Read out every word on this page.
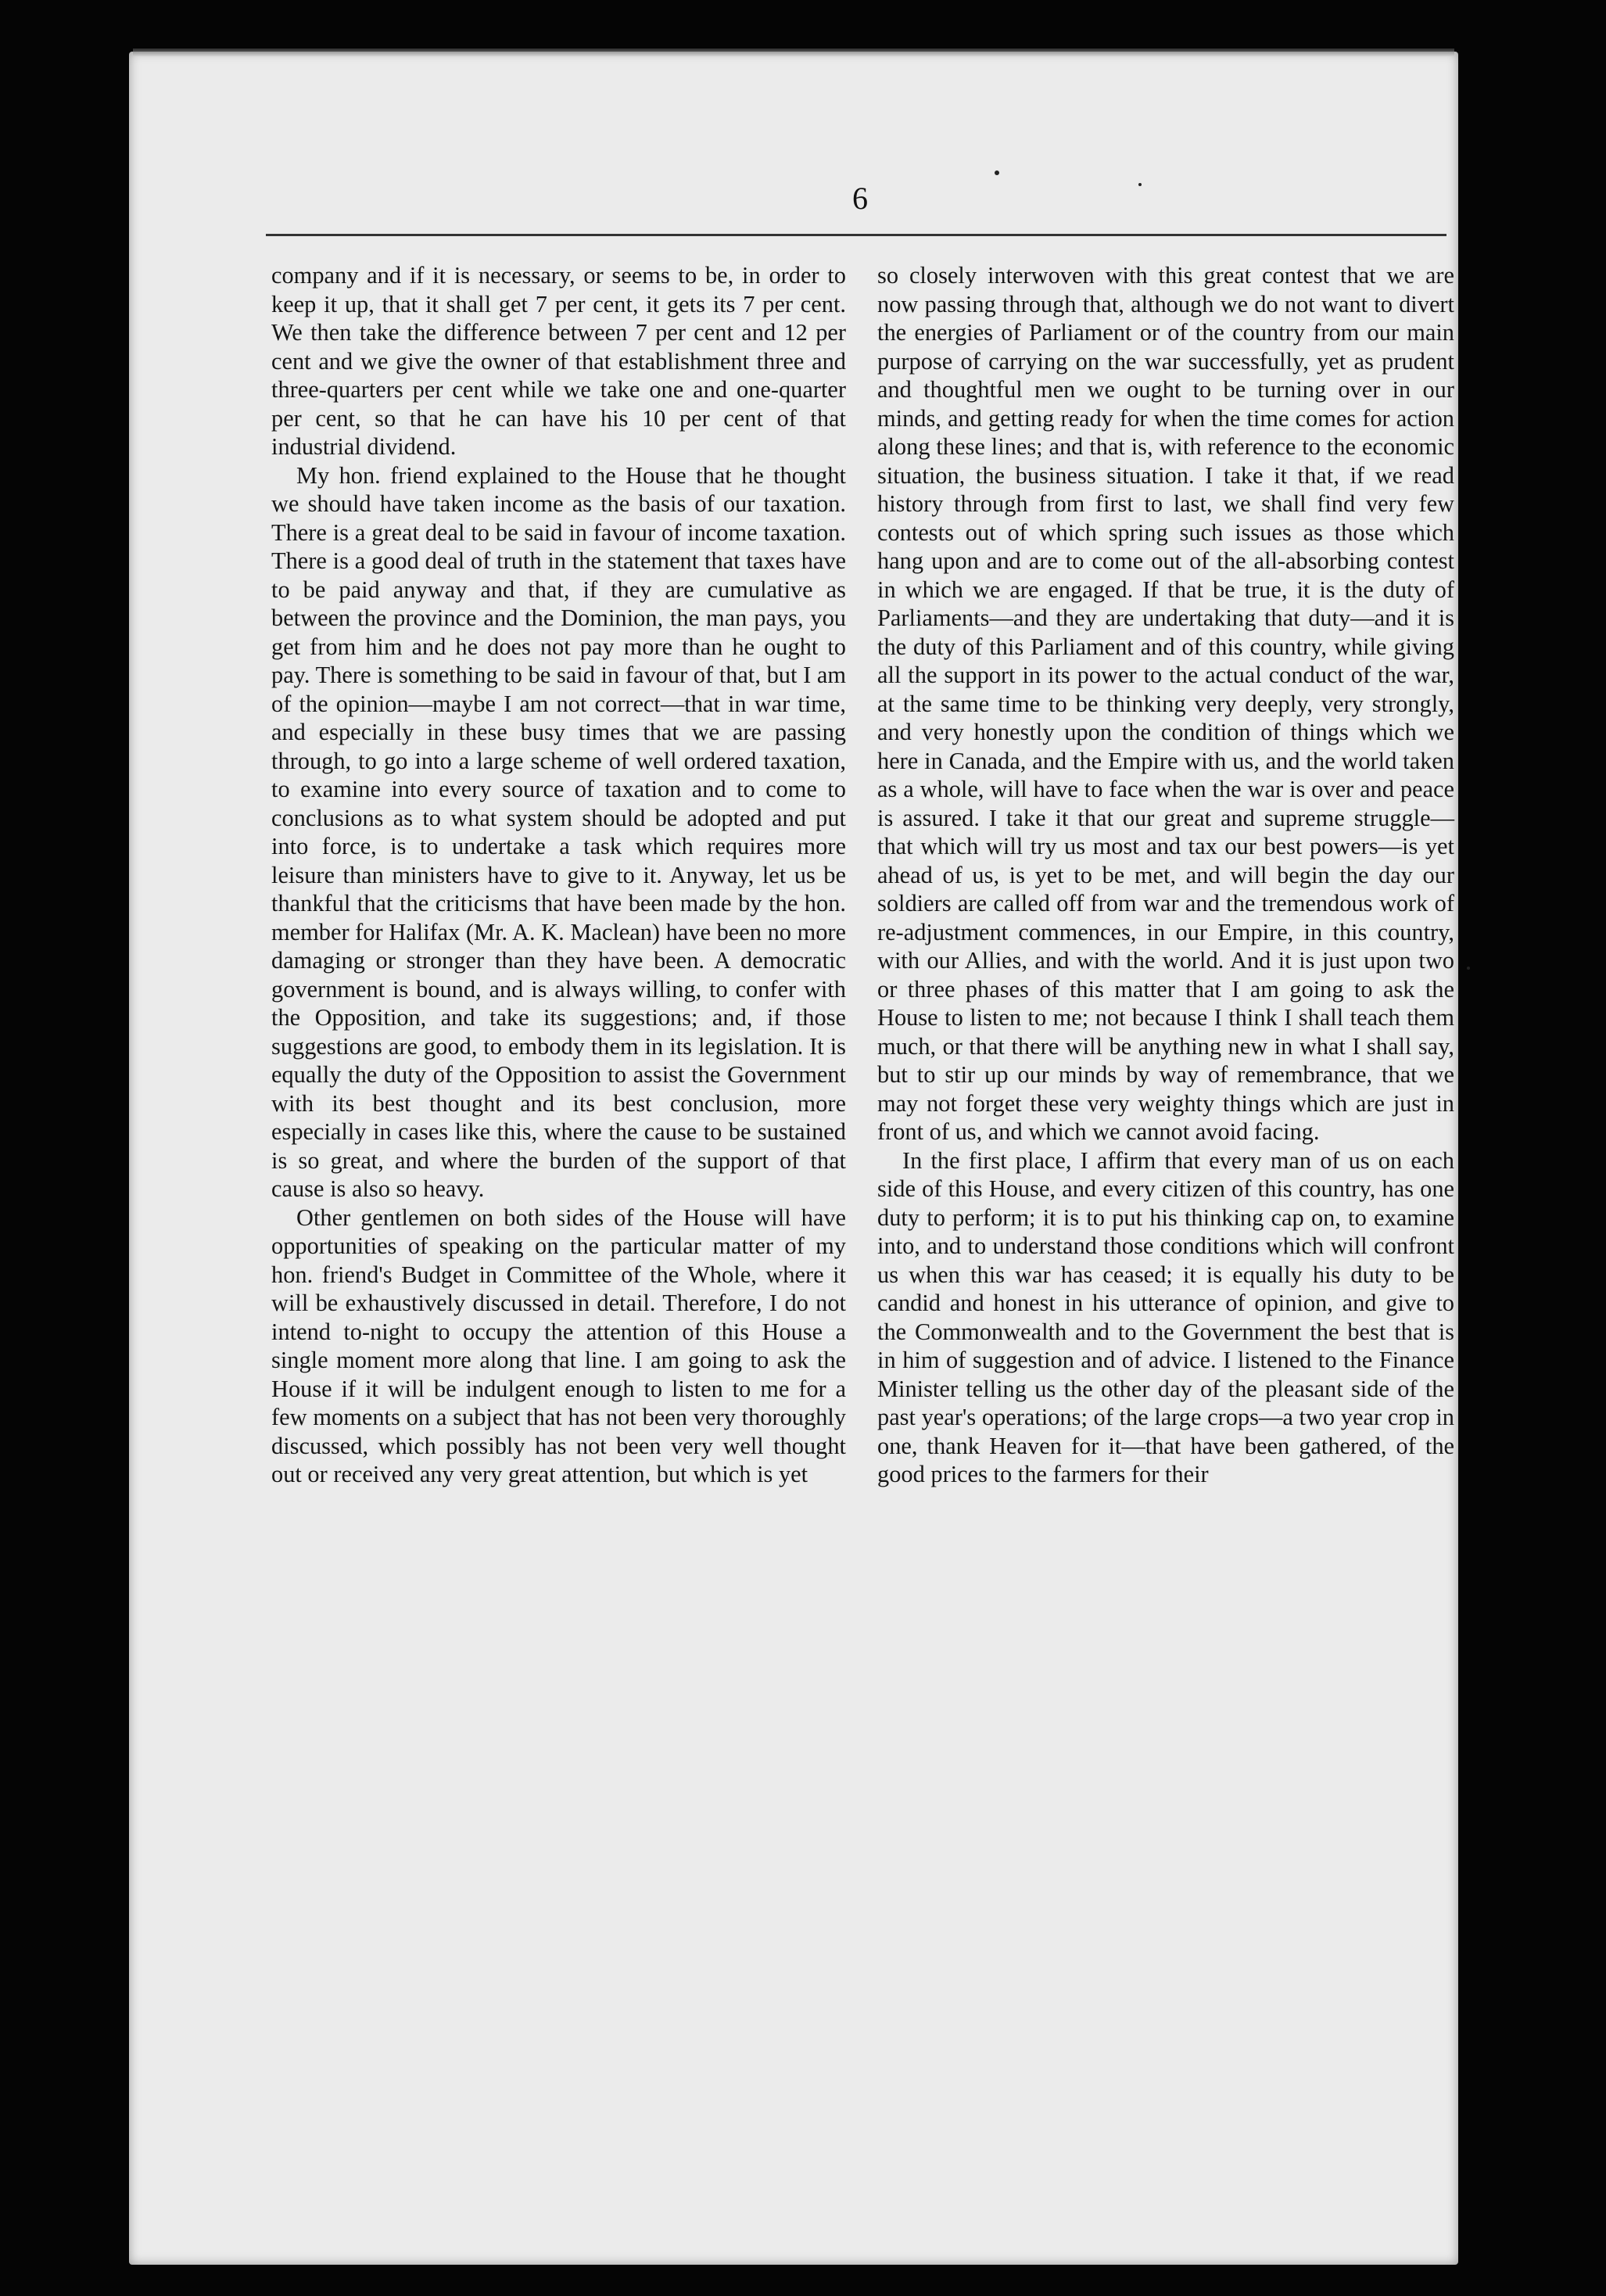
6

company and if it is necessary, or seems to be, in order to keep it up, that it shall get 7 per cent, it gets its 7 per cent. We then take the difference between 7 per cent and 12 per cent and we give the owner of that establishment three and three-quarters per cent while we take one and one-quarter per cent, so that he can have his 10 per cent of that industrial dividend.

My hon. friend explained to the House that he thought we should have taken income as the basis of our taxation. There is a great deal to be said in favour of income taxation. There is a good deal of truth in the statement that taxes have to be paid anyway and that, if they are cumulative as between the province and the Dominion, the man pays, you get from him and he does not pay more than he ought to pay. There is something to be said in favour of that, but I am of the opinion—maybe I am not correct—that in war time, and especially in these busy times that we are passing through, to go into a large scheme of well ordered taxation, to examine into every source of taxation and to come to conclusions as to what system should be adopted and put into force, is to undertake a task which requires more leisure than ministers have to give to it. Anyway, let us be thankful that the criticisms that have been made by the hon. member for Halifax (Mr. A. K. Maclean) have been no more damaging or stronger than they have been. A democratic government is bound, and is always willing, to confer with the Opposition, and take its suggestions; and, if those suggestions are good, to embody them in its legislation. It is equally the duty of the Opposition to assist the Government with its best thought and its best conclusion, more especially in cases like this, where the cause to be sustained is so great, and where the burden of the support of that cause is also so heavy.

Other gentlemen on both sides of the House will have opportunities of speaking on the particular matter of my hon. friend's Budget in Committee of the Whole, where it will be exhaustively discussed in detail. Therefore, I do not intend to-night to occupy the attention of this House a single moment more along that line. I am going to ask the House if it will be indulgent enough to listen to me for a few moments on a subject that has not been very thoroughly discussed, which possibly has not been very well thought out or received any very great attention, but which is yet

so closely interwoven with this great contest that we are now passing through that, although we do not want to divert the energies of Parliament or of the country from our main purpose of carrying on the war successfully, yet as prudent and thoughtful men we ought to be turning over in our minds, and getting ready for when the time comes for action along these lines; and that is, with reference to the economic situation, the business situation. I take it that, if we read history through from first to last, we shall find very few contests out of which spring such issues as those which hang upon and are to come out of the all-absorbing contest in which we are engaged. If that be true, it is the duty of Parliaments—and they are undertaking that duty—and it is the duty of this Parliament and of this country, while giving all the support in its power to the actual conduct of the war, at the same time to be thinking very deeply, very strongly, and very honestly upon the condition of things which we here in Canada, and the Empire with us, and the world taken as a whole, will have to face when the war is over and peace is assured. I take it that our great and supreme struggle—that which will try us most and tax our best powers—is yet ahead of us, is yet to be met, and will begin the day our soldiers are called off from war and the tremendous work of re-adjustment commences, in our Empire, in this country, with our Allies, and with the world. And it is just upon two or three phases of this matter that I am going to ask the House to listen to me; not because I think I shall teach them much, or that there will be anything new in what I shall say, but to stir up our minds by way of remembrance, that we may not forget these very weighty things which are just in front of us, and which we cannot avoid facing.

In the first place, I affirm that every man of us on each side of this House, and every citizen of this country, has one duty to perform; it is to put his thinking cap on, to examine into, and to understand those conditions which will confront us when this war has ceased; it is equally his duty to be candid and honest in his utterance of opinion, and give to the Commonwealth and to the Government the best that is in him of suggestion and of advice. I listened to the Finance Minister telling us the other day of the pleasant side of the past year's operations; of the large crops—a two year crop in one, thank Heaven for it—that have been gathered, of the good prices to the farmers for their
